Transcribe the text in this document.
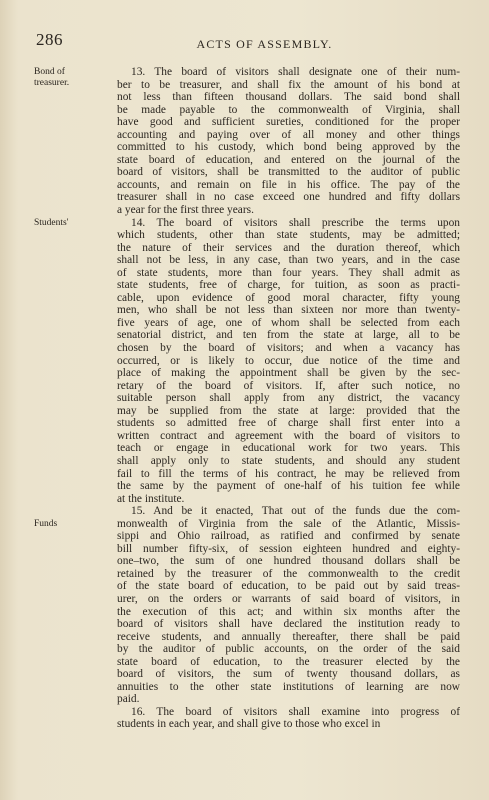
286	ACTS OF ASSEMBLY.
Bond of
treasurer.
Students'
Funds
13. The board of visitors shall designate one of their num-
ber to be treasurer, and shall fix the amount of his bond at
not less than fifteen thousand dollars. The said bond shall
be made payable to the commonwealth of Virginia, shall
have good and sufficient sureties, conditioned for the proper
accounting and paying over of all money and other things
committed to his custody, which bond being approved by the
state board of education, and entered on the journal of the
board of visitors, shall be transmitted to the auditor of public
accounts, and remain on file in his office. The pay of the
treasurer shall in no case exceed one hundred and fifty dollars
a year for the first three years.
14. The board of visitors shall prescribe the terms upon
which students, other than state students, may be admitted;
the nature of their services and the duration thereof, which
shall not be less, in any case, than two years, and in the case
of state students, more than four years. They shall admit as
state students, free of charge, for tuition, as soon as practi-
cable, upon evidence of good moral character, fifty young
men, who shall be not less than sixteen nor more than twenty-
five years of age, one of whom shall be selected from each
senatorial district, and ten from the state at large, all to be
chosen by the board of visitors; and when a vacancy has
occurred, or is likely to occur, due notice of the time and
place of making the appointment shall be given by the sec-
retary of the board of visitors. If, after such notice, no
suitable person shall apply from any district, the vacancy
may be supplied from the state at large: provided that the
students so admitted free of charge shall first enter into a
written contract and agreement with the board of visitors to
teach or engage in educational work for two years. This
shall apply only to state students, and should any student
fail to fill the terms of his contract, he may be relieved from
the same by the payment of one-half of his tuition fee while
at the institute.
15. And be it enacted, That out of the funds due the com-
monwealth of Virginia from the sale of the Atlantic, Missis-
sippi and Ohio railroad, as ratified and confirmed by senate
bill number fifty-six, of session eighteen hundred and eighty-
one–two, the sum of one hundred thousand dollars shall be
retained by the treasurer of the commonwealth to the credit
of the state board of education, to be paid out by said treas-
urer, on the orders or warrants of said board of visitors, in
the execution of this act; and within six months after the
board of visitors shall have declared the institution ready to
receive students, and annually thereafter, there shall be paid
by the auditor of public accounts, on the order of the said
state board of education, to the treasurer elected by the
board of visitors, the sum of twenty thousand dollars, as
annuities to the other state institutions of learning are now
paid.
16. The board of visitors shall examine into progress of
students in each year, and shall give to those who excel in
